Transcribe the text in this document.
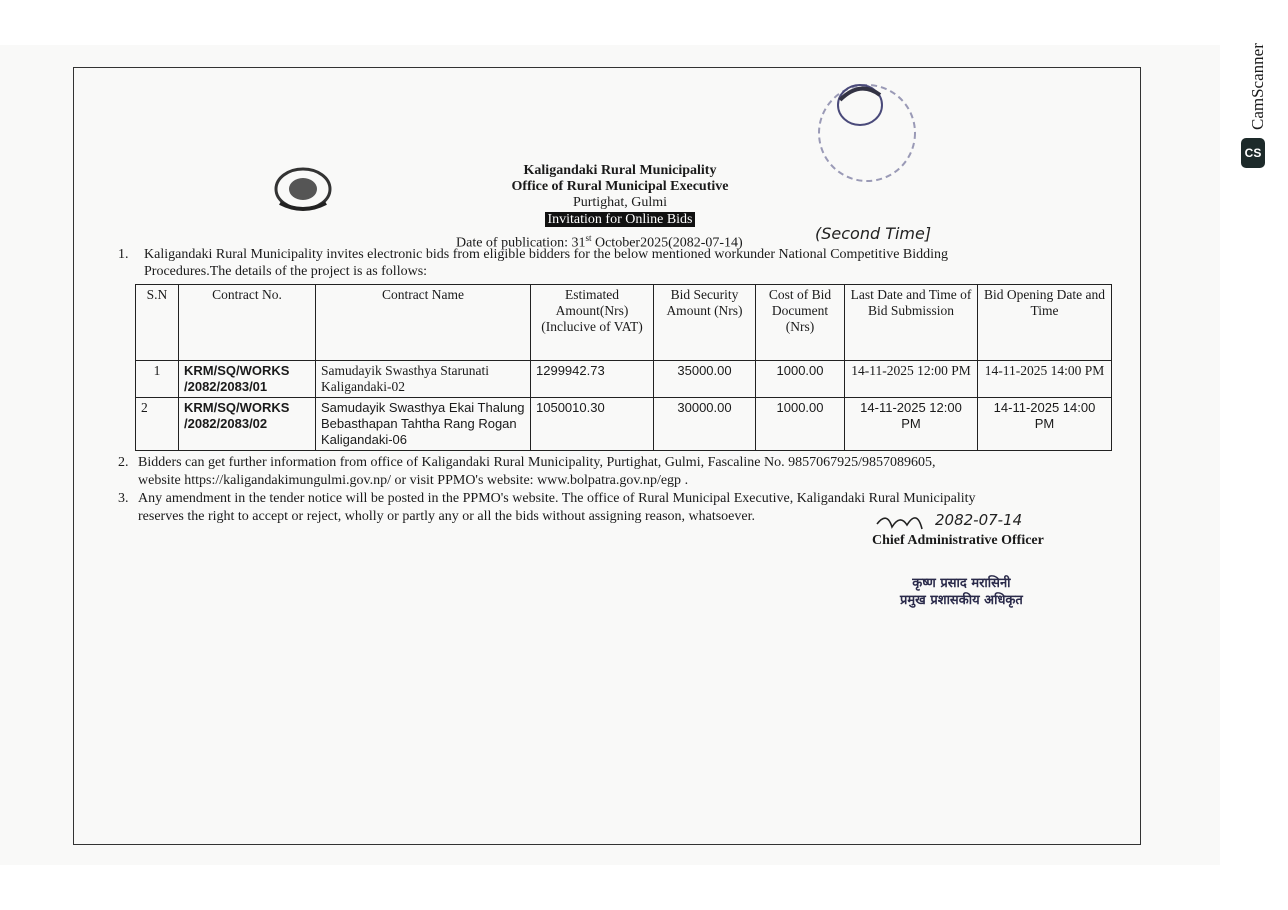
Kaligandaki Rural Municipality
Office of Rural Municipal Executive
Purtighat, Gulmi
Invitation for Online Bids
Date of publication: 31st October2025(2082-07-14)
(Second Time]
1. Kaligandaki Rural Municipality invites electronic bids from eligible bidders for the below mentioned workunder National Competitive Bidding
Procedures.The details of the project is as follows:
S.N	Contract No.	Contract Name	Estimated Amount(Nrs) (Inclucive of VAT)	Bid Security Amount (Nrs)	Cost of Bid Document (Nrs)	Last Date and Time of Bid Submission	Bid Opening Date and Time
1	KRM/SQ/WORKS /2082/2083/01	Samudayik Swasthya Starunati Kaligandaki-02	1299942.73	35000.00	1000.00	14-11-2025 12:00 PM	14-11-2025 14:00 PM
2	KRM/SQ/WORKS /2082/2083/02	Samudayik Swasthya Ekai Thalung Bebasthapan Tahtha Rang Rogan Kaligandaki-06	1050010.30	30000.00	1000.00	14-11-2025 12:00 PM	14-11-2025 14:00 PM
2. Bidders can get further information from office of Kaligandaki Rural Municipality, Purtighat, Gulmi, Fascaline No. 9857067925/9857089605,
website https://kaligandakimungulmi.gov.np/ or visit PPMO's website: www.bolpatra.gov.np/egp .
3. Any amendment in the tender notice will be posted in the PPMO's website. The office of Rural Municipal Executive, Kaligandaki Rural Municipality
reserves the right to accept or reject, wholly or partly any or all the bids without assigning reason, whatsoever.	2082-07-14
Chief Administrative Officer
कृष्ण प्रसाद मरासिनी
प्रमुख प्रशासकीय अधिकृत
CamScanner
CS
